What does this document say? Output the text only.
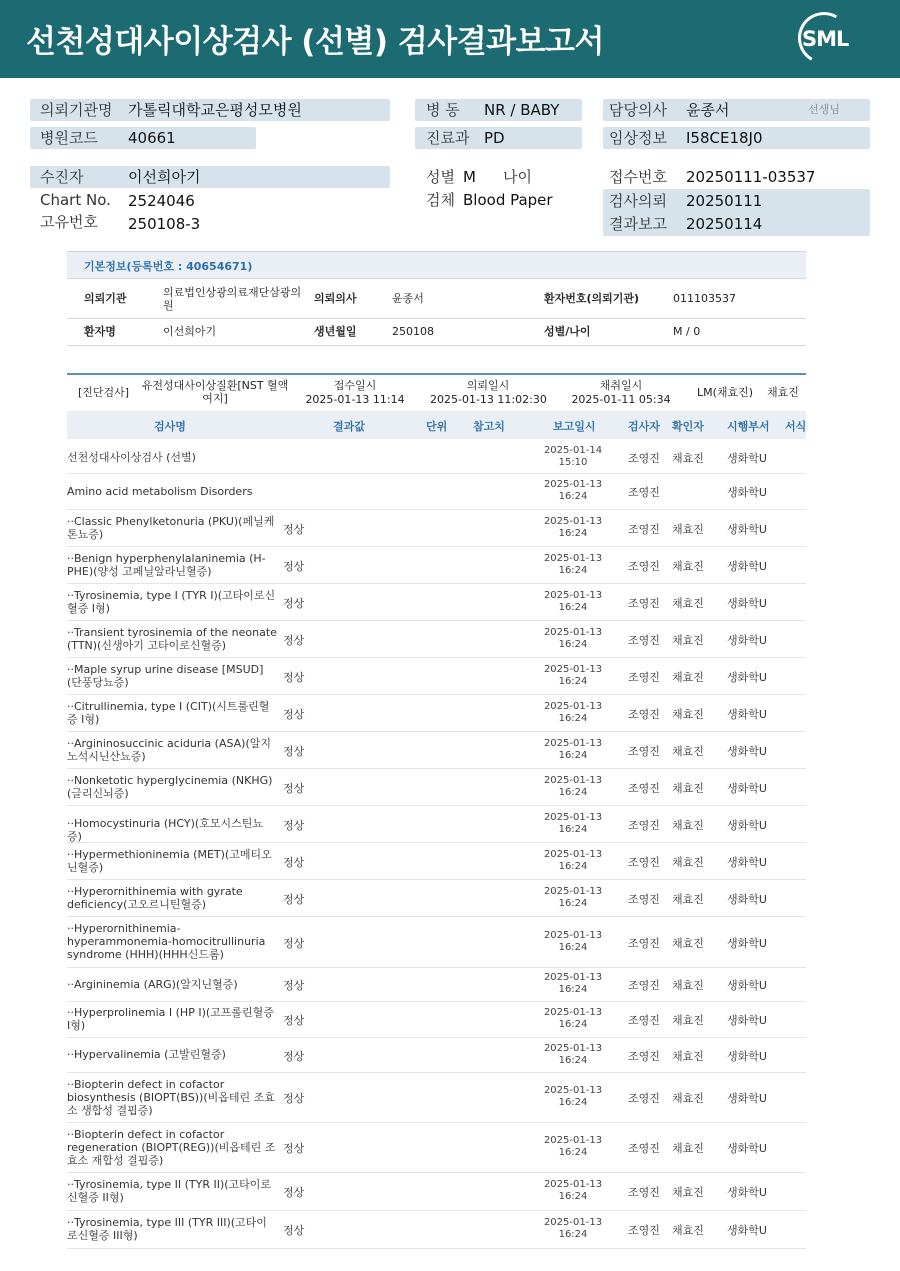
선천성대사이상검사 (선별) 검사결과보고서	SML
의뢰기관명 가톨릭대학교은평성모병원
병원코드 40661
병 동 NR / BABY
진료과 PD
담당의사 윤종서	선생님
임상정보 I58CE18J0
수진자	이선희아기
Chart No. 2524046
고유번호 250108-3
성별 M 나이
검체 Blood Paper
접수번호 20250111-03537
검사의뢰 20250111
결과보고 20250114
기본정보(등록번호 : 40654671)
의뢰기관	의료법인상광의료재단삼광의원
의뢰의사	윤종서	환자번호(의뢰기관)	011103537
환자명	이선희아기	생년월일	250108	성별/나이	M / 0
[진단검사]
유전성대사이상질환[NST 혈액여지]
접수일시
2025-01-13 11:14
의뢰일시
2025-01-13 11:02:30
채취일시
2025-01-11 05:34
LM(채효진) 채효진
검사명	결과값	단위 참고치	보고일시	검사자 확인자 시행부서 서식
선천성대사이상검사 (선별)	2025-01-14
15:10	조영진 채효진 생화학U
Amino acid metabolism Disorders	2025-01-13
16:24	조영진	생화학U
··Classic Phenylketonuria (PKU)(페닐케톤뇨증)	정상
2025-01-13
16:24	조영진 채효진 생화학U
··Benign hyperphenylalaninemia (H-PHE)(양성 고페닐알라닌혈증)	정상
2025-01-13
16:24	조영진 채효진 생화학U
··Tyrosinemia, type I (TYR I)(고타이로신혈증 I형)	정상
2025-01-13
16:24	조영진 채효진 생화학U
··Transient tyrosinemia of the neonate (TTN)(신생아기 고타이로신혈증)	정상
2025-01-13
16:24	조영진 채효진 생화학U
··Maple syrup urine disease [MSUD](단풍당뇨증)	정상
2025-01-13
16:24	조영진 채효진 생화학U
··Citrullinemia, type I (CIT)(시트룰린혈증 I형)	정상
2025-01-13
16:24	조영진 채효진 생화학U
··Argininosuccinic aciduria (ASA)(알지노석시닌산뇨증)	정상
2025-01-13
16:24	조영진 채효진 생화학U
··Nonketotic hyperglycinemia (NKHG)(글리신뇌증)	정상
2025-01-13
16:24	조영진 채효진 생화학U
··Homocystinuria (HCY)(호모시스틴뇨증)
정상
2025-01-13
16:24	조영진 채효진 생화학U
··Hypermethioninemia (MET)(고메티오닌혈증)	정상
2025-01-13
16:24	조영진 채효진 생화학U
··Hyperornithinemia with gyrate deficiency(고오르니틴혈증)	정상
2025-01-13
16:24	조영진 채효진 생화학U
··Hyperornithinemia-hyperammonemia-homocitrullinuria syndrome (HHH)(HHH신드롬)
정상
2025-01-13
16:24	조영진 채효진 생화학U
··Argininemia (ARG)(알지닌혈증)	정상
2025-01-13
16:24	조영진 채효진 생화학U
··Hyperprolinemia I (HP I)(고프롤린혈증 I형)	정상
2025-01-13
16:24	조영진 채효진 생화학U
··Hypervalinemia (고발린혈증)	정상
2025-01-13
16:24	조영진 채효진 생화학U
··Biopterin defect in cofactor biosynthesis (BIOPT(BS))(비옵테린 조효소 생합성 결핍증)
정상
2025-01-13
16:24	조영진 채효진 생화학U
··Biopterin defect in cofactor regeneration (BIOPT(REG))(비옵테린 조효소 재합성 결핍증)
정상
2025-01-13
16:24	조영진 채효진 생화학U
··Tyrosinemia, type II (TYR II)(고타이로신혈증 II형)	정상
2025-01-13
16:24	조영진 채효진 생화학U
··Tyrosinemia, type III (TYR III)(고타이로신혈증 III형)	정상
2025-01-13
16:24	조영진 채효진 생화학U
